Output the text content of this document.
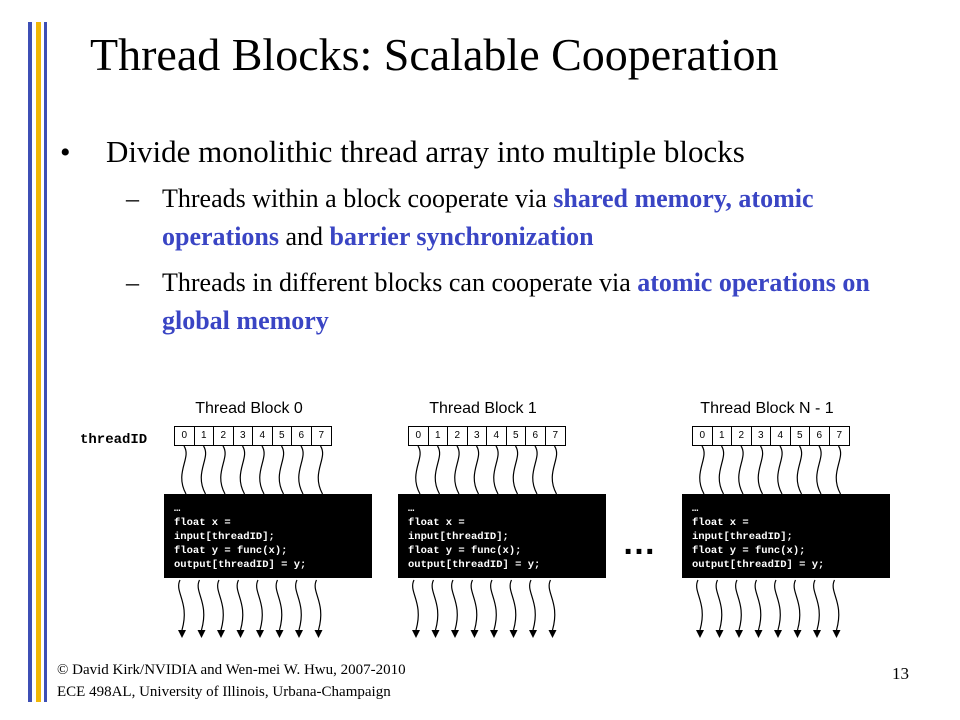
Thread Blocks: Scalable Cooperation
• Divide monolithic thread array into multiple blocks
– Threads within a block cooperate via shared memory, atomic operations and barrier synchronization
– Threads in different blocks can cooperate via atomic operations on global memory
threadID
Thread Block 0
0	1	2	3	4	5	6	7
…
float x =
input[threadID];
float y = func(x);
output[threadID] = y;
Thread Block 1
0	1	2	3	4	5	6	7
…
float x =
input[threadID];
float y = func(x);
output[threadID] = y;
Thread Block N - 1
0	1	2	3	4	5	6	7
…
float x =
input[threadID];
float y = func(x);
output[threadID] = y;
…
© David Kirk/NVIDIA and Wen-mei W. Hwu, 2007-2010
ECE 498AL, University of Illinois, Urbana-Champaign
13
